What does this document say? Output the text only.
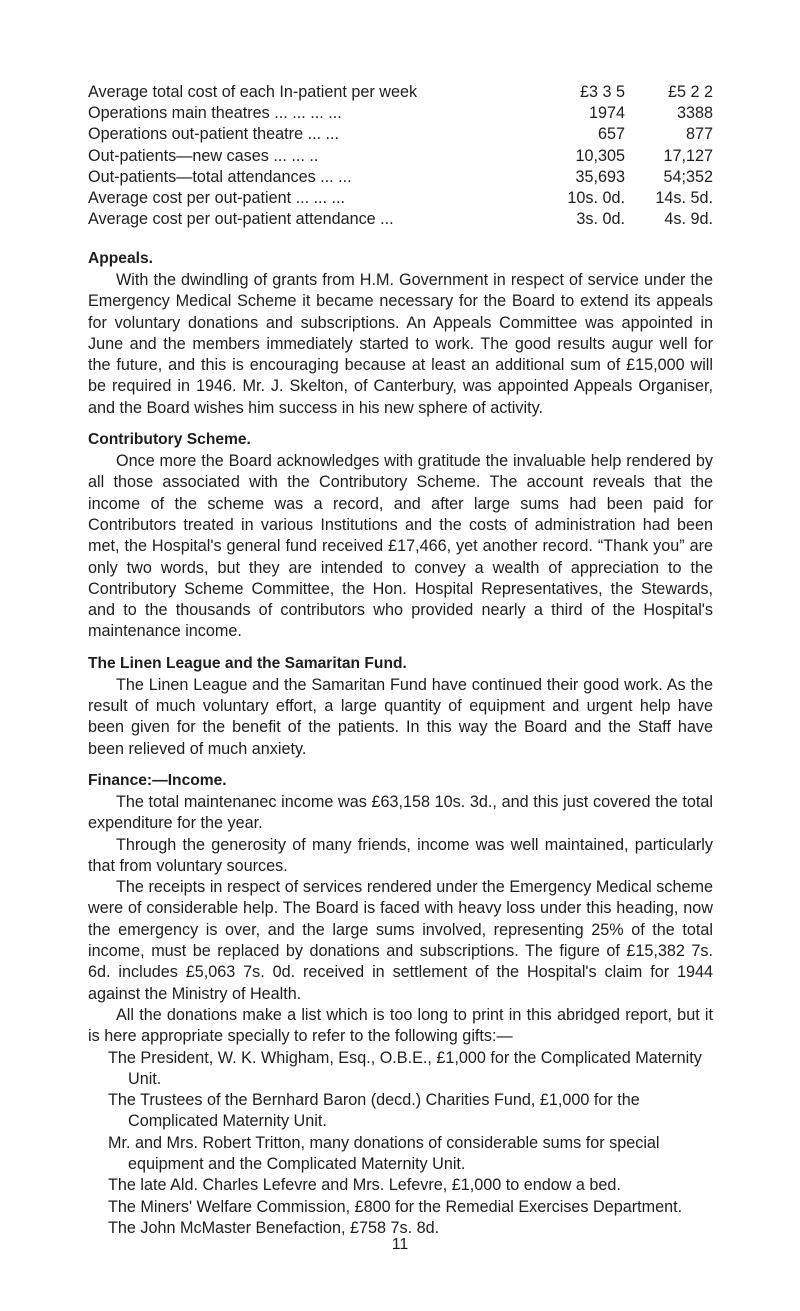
Average total cost of each In-patient per week	£3 3 5	£5 2 2
Operations main theatres ... ... ... ...	1974	3388
Operations out-patient theatre ... ...	657	877
Out-patients—new cases ... ... ..	10,305 17,127
Out-patients—total attendances ... ...	35,693 54;352
Average cost per out-patient ... ... ...	10s. 0d. 14s. 5d.
Average cost per out-patient attendance ...	3s. 0d. 4s. 9d.
Appeals.

With the dwindling of grants from H.M. Government in respect of service under the Emergency Medical Scheme it became necessary for the Board to extend its appeals for voluntary donations and subscriptions. An Appeals Committee was appointed in June and the members immediately started to work. The good results augur well for the future, and this is encouraging because at least an additional sum of £15,000 will be required in 1946. Mr. J. Skelton, of Canterbury, was appointed Appeals Organiser, and the Board wishes him success in his new sphere of activity.

Contributory Scheme.

Once more the Board acknowledges with gratitude the invaluable help rendered by all those associated with the Contributory Scheme. The account reveals that the income of the scheme was a record, and after large sums had been paid for Contributors treated in various Institutions and the costs of administration had been met, the Hospital's general fund received £17,466, yet another record. “Thank you” are only two words, but they are intended to convey a wealth of appreciation to the Contributory Scheme Committee, the Hon. Hospital Representatives, the Stewards, and to the thousands of contributors who provided nearly a third of the Hospital's maintenance income.

The Linen League and the Samaritan Fund.

The Linen League and the Samaritan Fund have continued their good work. As the result of much voluntary effort, a large quantity of equipment and urgent help have been given for the benefit of the patients. In this way the Board and the Staff have been relieved of much anxiety.

Finance:—Income.

The total maintenanec income was £63,158 10s. 3d., and this just covered the total expenditure for the year.

Through the generosity of many friends, income was well maintained, particularly that from voluntary sources.

The receipts in respect of services rendered under the Emergency Medical scheme were of considerable help. The Board is faced with heavy loss under this heading, now the emergency is over, and the large sums involved, representing 25% of the total income, must be replaced by donations and subscriptions. The figure of £15,382 7s. 6d. includes £5,063 7s. 0d. received in settlement of the Hospital's claim for 1944 against the Ministry of Health.

All the donations make a list which is too long to print in this abridged report, but it is here appropriate specially to refer to the following gifts:—

The President, W. K. Whigham, Esq., O.B.E., £1,000 for the Complicated Maternity Unit.

The Trustees of the Bernhard Baron (decd.) Charities Fund, £1,000 for the Complicated Maternity Unit.

Mr. and Mrs. Robert Tritton, many donations of considerable sums for special equipment and the Complicated Maternity Unit.

The late Ald. Charles Lefevre and Mrs. Lefevre, £1,000 to endow a bed.

The Miners' Welfare Commission, £800 for the Remedial Exercises Department.

The John McMaster Benefaction, £758 7s. 8d.

11
